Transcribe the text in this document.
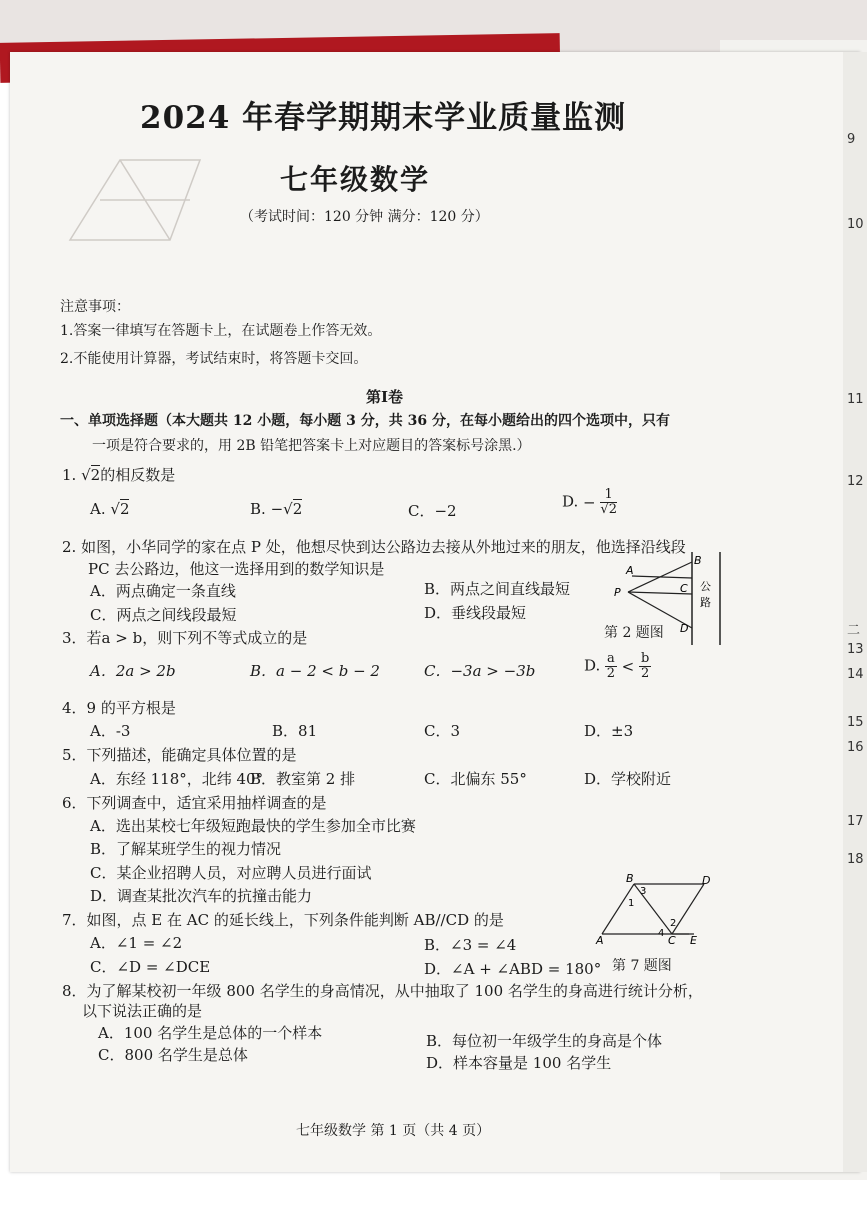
9
10
11
12
二
13
14
15
16
17
18
2024 年春学期期末学业质量监测
七年级数学
（考试时间：120 分钟 满分：120 分）
注意事项：
1.答案一律填写在答题卡上，在试题卷上作答无效。
2.不能使用计算器，考试结束时，将答题卡交回。
第Ⅰ卷
一、单项选择题（本大题共 12 小题，每小题 3 分，共 36 分，在每小题给出的四个选项中，只有
一项是符合要求的，用 2B 铅笔把答案卡上对应题目的答案标号涂黑.）
1. √2的相反数是
A. √2	B. −√2	C．−2
D. − $\frac{1}{√2}$
2. 如图，小华同学的家在点 P 处，他想尽快到达公路边去接从外地过来的朋友，他选择沿线段
PC 去公路边，他这一选择用到的数学知识是
A．两点确定一条直线	B．两点之间直线最短
C．两点之间线段最短	D．垂线段最短
B
A
C
P
D
公
路
第 2 题图
3．若a > b，则下列不等式成立的是
A．2a > 2b	B．a − 2 < b − 2	C．−3a > −3b	D. $\frac{a}{2} < \frac{b}{2}$
4．9 的平方根是
A．-3	B．81	C．3	D．±3
5．下列描述，能确定具体位置的是
A．东经 118°，北纬 40°
B．教室第 2 排	C．北偏东 55°	D．学校附近
6．下列调查中，适宜采用抽样调查的是
A．选出某校七年级短跑最快的学生参加全市比赛
B．了解某班学生的视力情况
C．某企业招聘人员，对应聘人员进行面试
D．调查某批次汽车的抗撞击能力
7．如图，点 E 在 AC 的延长线上，下列条件能判断 AB//CD 的是
A．∠1 = ∠2	B．∠3 = ∠4
C．∠D = ∠DCE	D．∠A + ∠ABD = 180°
B	D
A	C E
3
1
2
4
第 7 题图
8．为了解某校初一年级 800 名学生的身高情况，从中抽取了 100 名学生的身高进行统计分析，
以下说法正确的是
A．100 名学生是总体的一个样本	B．每位初一年级学生的身高是个体
C．800 名学生是总体	D．样本容量是 100 名学生
七年级数学 第 1 页（共 4 页）
